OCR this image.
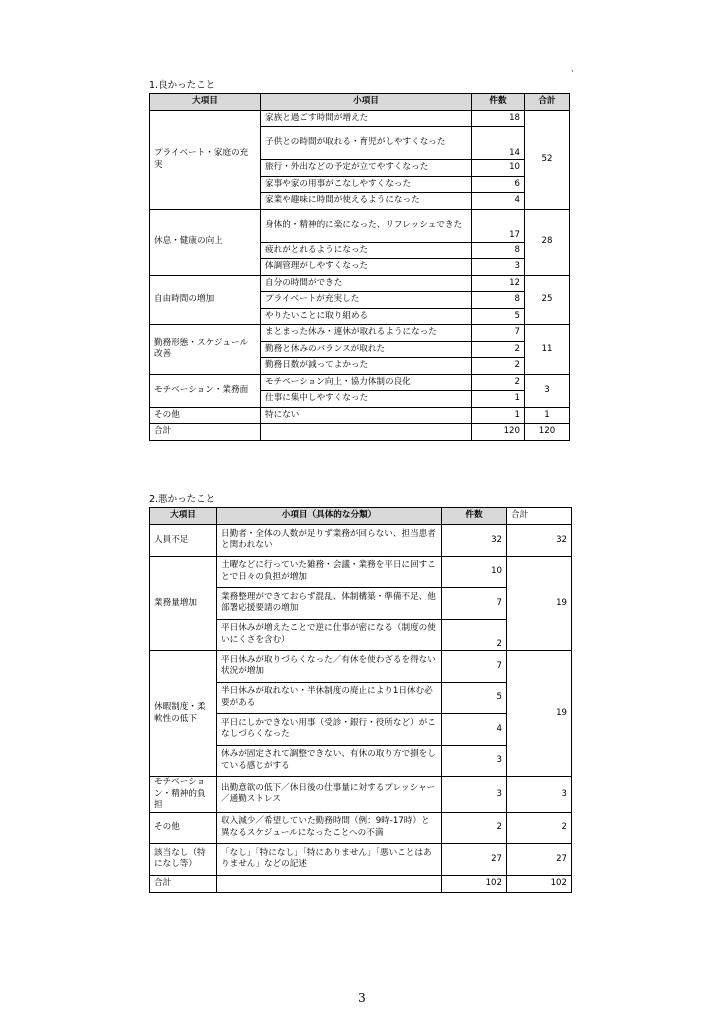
·
1.良かったこと
大項目	小項目	件数	合計
プライベート・家庭の充実	家族と過ごす時間が増えた	18	52
	子供との時間が取れる・育児がしやすくなった	14	
	旅行・外出などの予定が立てやすくなった	10	
	家事や家の用事がこなしやすくなった	6	
	家業や趣味に時間が使えるようになった	4	
休息・健康の向上	身体的・精神的に楽になった、リフレッシュできた	17	28
	疲れがとれるようになった	8	
	体調管理がしやすくなった	3	
自由時間の増加	自分の時間ができた	12	25
	プライベートが充実した	8	
	やりたいことに取り組める	5	
勤務形態・スケジュール改善	まとまった休み・連休が取れるようになった	7	11
	勤務と休みのバランスが取れた	2	
	勤務日数が減ってよかった	2	
モチベーション・業務面	モチベーション向上・協力体制の良化	2	3
	仕事に集中しやすくなった	1	
その他	特にない	1	1
合計		120	120
2.悪かったこと
大項目	小項目（具体的な分類）	件数	合計
人員不足	日勤者・全体の人数が足りず業務が回らない、担当患者と関われない	32	32
業務量増加	土曜などに行っていた雑務・会議・業務を平日に回すことで日々の負担が増加	10	19
	業務整理ができておらず混乱、体制構築・準備不足、他部署応援要請の増加	7	
	平日休みが増えたことで逆に仕事が密になる（制度の使いにくさを含む）	2	
休暇制度・柔軟性の低下	平日休みが取りづらくなった／有休を使わざるを得ない状況が増加	7	19
	半日休みが取れない・半休制度の廃止により1日休む必要がある	5	
	平日にしかできない用事（受診・銀行・役所など）がこなしづらくなった	4	
	休みが固定されて調整できない、有休の取り方で損をしている感じがする	3	
モチベーション・精神的負担	出勤意欲の低下／休日後の仕事量に対するプレッシャー／通勤ストレス	3	3
その他	収入減少／希望していた勤務時間（例：9時-17時）と異なるスケジュールになったことへの不満	2	2
該当なし（特になし等）	「なし」「特になし」「特にありません」「悪いことはありません」などの記述	27	27
合計		102	102
3
